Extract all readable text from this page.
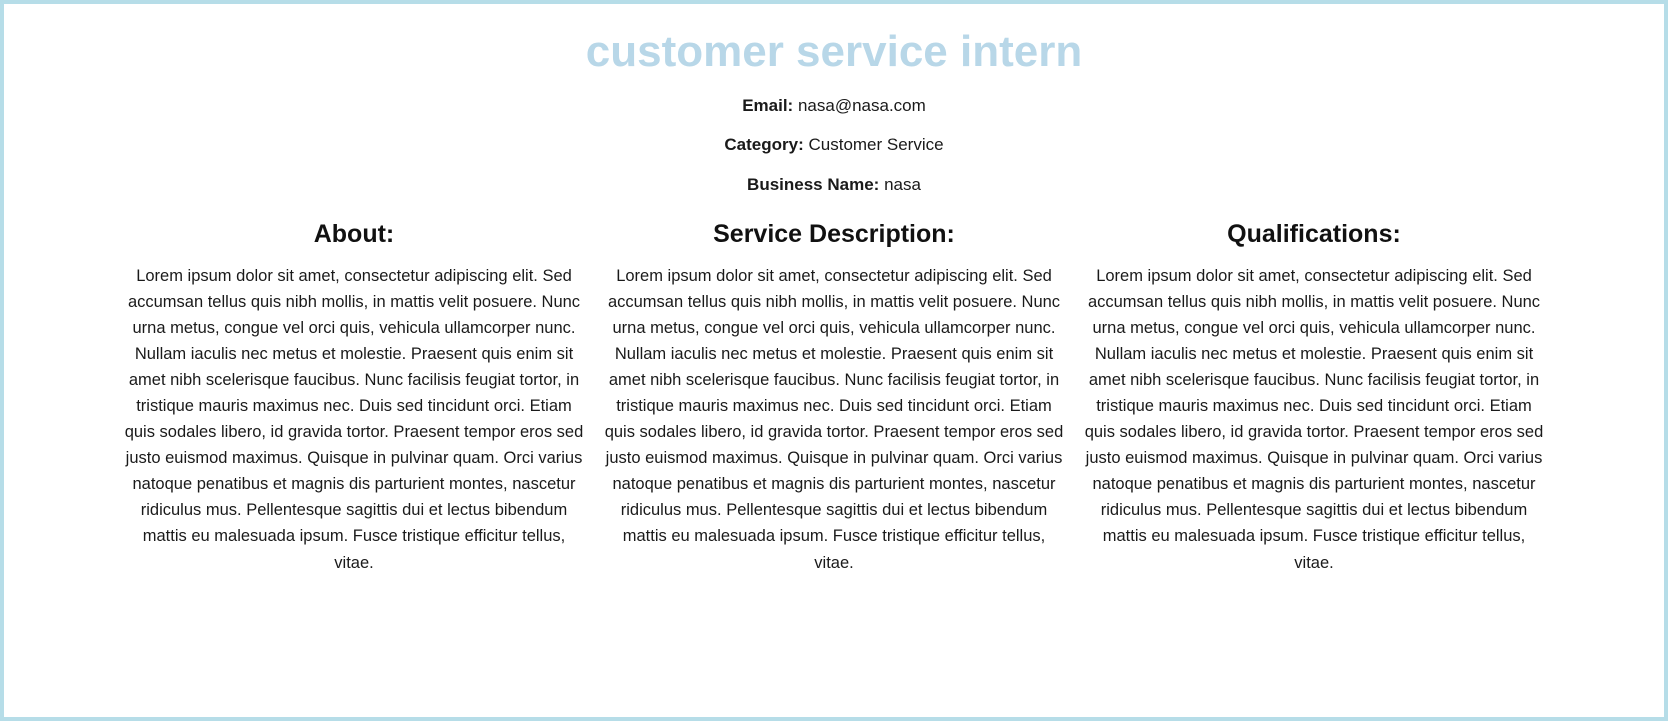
customer service intern
Email: nasa@nasa.com
Category: Customer Service
Business Name: nasa
About:

Lorem ipsum dolor sit amet, consectetur adipiscing elit. Sed accumsan tellus quis nibh mollis, in mattis velit posuere. Nunc urna metus, congue vel orci quis, vehicula ullamcorper nunc. Nullam iaculis nec metus et molestie. Praesent quis enim sit amet nibh scelerisque faucibus. Nunc facilisis feugiat tortor, in tristique mauris maximus nec. Duis sed tincidunt orci. Etiam quis sodales libero, id gravida tortor. Praesent tempor eros sed justo euismod maximus. Quisque in pulvinar quam. Orci varius natoque penatibus et magnis dis parturient montes, nascetur ridiculus mus. Pellentesque sagittis dui et lectus bibendum mattis eu malesuada ipsum. Fusce tristique efficitur tellus, vitae.

Service Description:

Lorem ipsum dolor sit amet, consectetur adipiscing elit. Sed accumsan tellus quis nibh mollis, in mattis velit posuere. Nunc urna metus, congue vel orci quis, vehicula ullamcorper nunc. Nullam iaculis nec metus et molestie. Praesent quis enim sit amet nibh scelerisque faucibus. Nunc facilisis feugiat tortor, in tristique mauris maximus nec. Duis sed tincidunt orci. Etiam quis sodales libero, id gravida tortor. Praesent tempor eros sed justo euismod maximus. Quisque in pulvinar quam. Orci varius natoque penatibus et magnis dis parturient montes, nascetur ridiculus mus. Pellentesque sagittis dui et lectus bibendum mattis eu malesuada ipsum. Fusce tristique efficitur tellus, vitae.

Qualifications:

Lorem ipsum dolor sit amet, consectetur adipiscing elit. Sed accumsan tellus quis nibh mollis, in mattis velit posuere. Nunc urna metus, congue vel orci quis, vehicula ullamcorper nunc. Nullam iaculis nec metus et molestie. Praesent quis enim sit amet nibh scelerisque faucibus. Nunc facilisis feugiat tortor, in tristique mauris maximus nec. Duis sed tincidunt orci. Etiam quis sodales libero, id gravida tortor. Praesent tempor eros sed justo euismod maximus. Quisque in pulvinar quam. Orci varius natoque penatibus et magnis dis parturient montes, nascetur ridiculus mus. Pellentesque sagittis dui et lectus bibendum mattis eu malesuada ipsum. Fusce tristique efficitur tellus, vitae.
